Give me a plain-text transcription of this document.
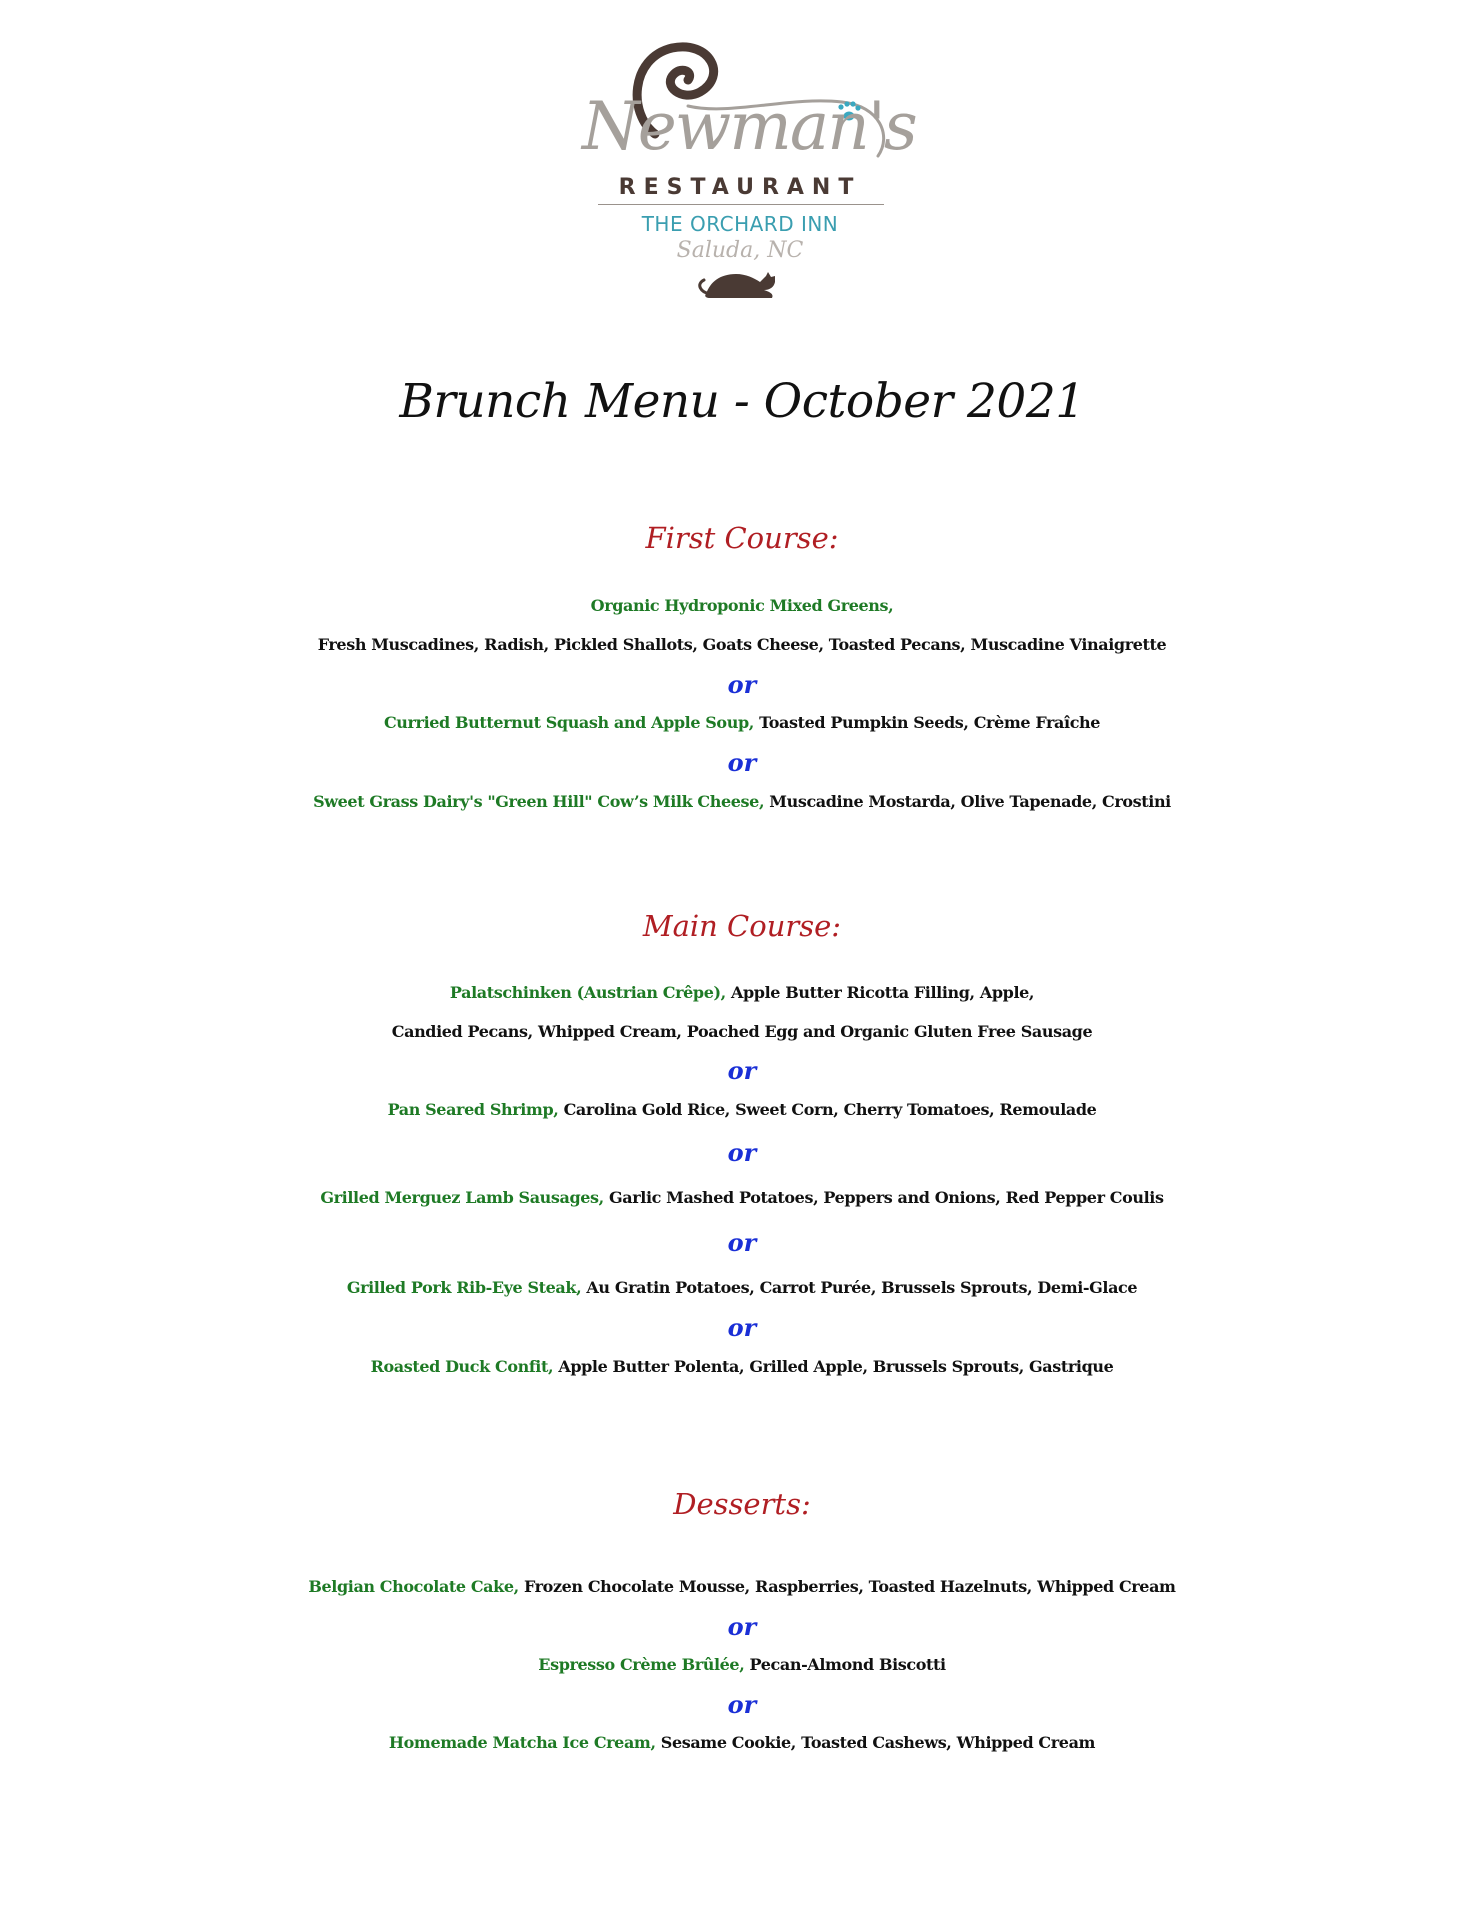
Newman's
RESTAURANT
THE ORCHARD INN
Saluda, NC
Brunch Menu - October 2021
First Course:
Organic Hydroponic Mixed Greens,
Fresh Muscadines, Radish, Pickled Shallots, Goats Cheese, Toasted Pecans, Muscadine Vinaigrette
or
Curried Butternut Squash and Apple Soup, Toasted Pumpkin Seeds, Crème Fraîche
or
Sweet Grass Dairy's "Green Hill" Cow’s Milk Cheese, Muscadine Mostarda, Olive Tapenade, Crostini
Main Course:
Palatschinken (Austrian Crêpe), Apple Butter Ricotta Filling, Apple,
Candied Pecans, Whipped Cream, Poached Egg and Organic Gluten Free Sausage
or
Pan Seared Shrimp, Carolina Gold Rice, Sweet Corn, Cherry Tomatoes, Remoulade
or
Grilled Merguez Lamb Sausages, Garlic Mashed Potatoes, Peppers and Onions, Red Pepper Coulis
or
Grilled Pork Rib-Eye Steak, Au Gratin Potatoes, Carrot Purée, Brussels Sprouts, Demi-Glace
or
Roasted Duck Confit, Apple Butter Polenta, Grilled Apple, Brussels Sprouts, Gastrique
Desserts:
Belgian Chocolate Cake, Frozen Chocolate Mousse, Raspberries, Toasted Hazelnuts, Whipped Cream
or
Espresso Crème Brûlée, Pecan-Almond Biscotti
or
Homemade Matcha Ice Cream, Sesame Cookie, Toasted Cashews, Whipped Cream
